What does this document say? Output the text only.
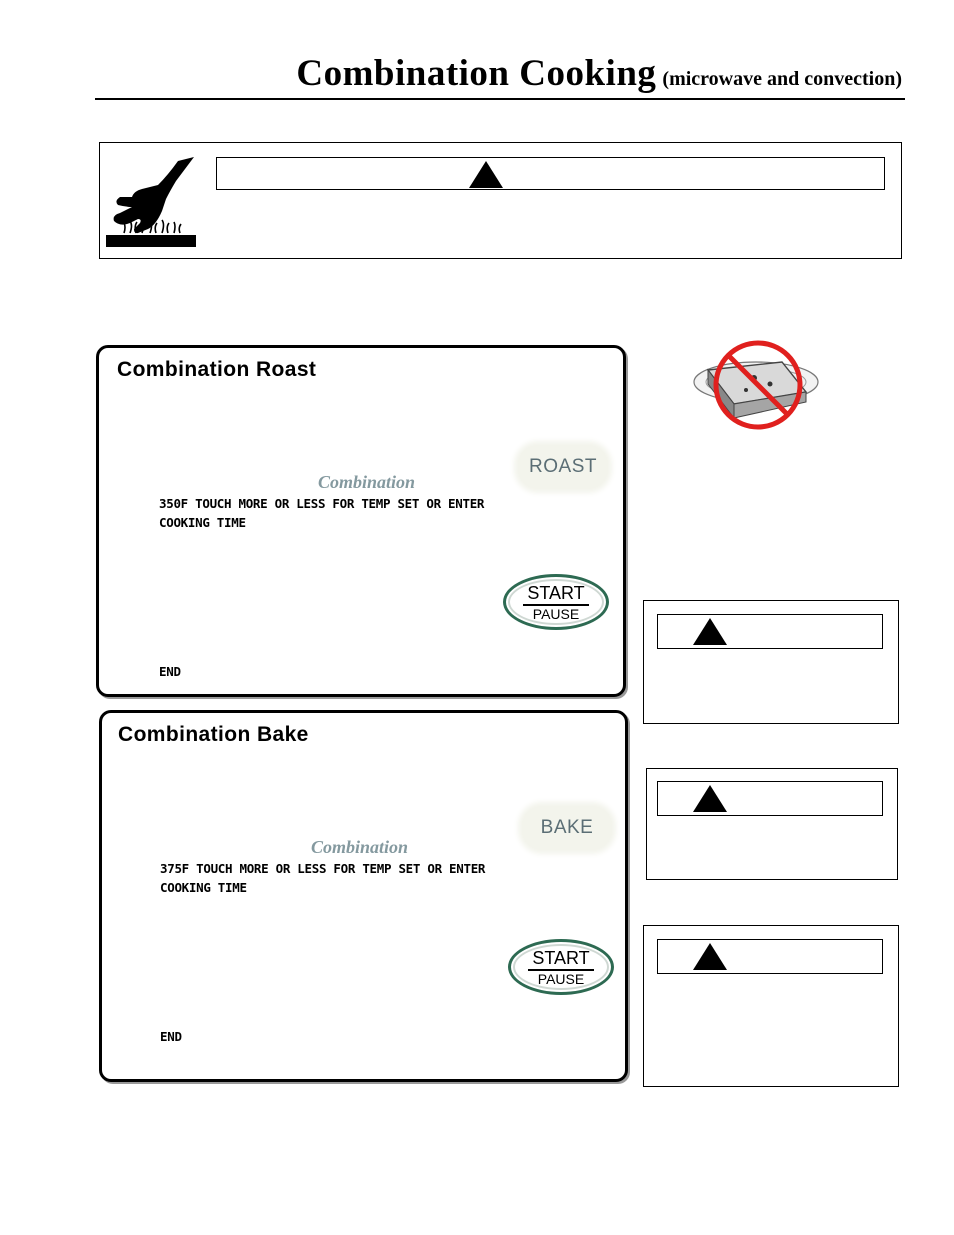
Combination Cooking (microwave and convection)
Combination Roast
ROAST
Combination
350F TOUCH MORE OR LESS FOR TEMP SET OR ENTER
COOKING TIME
START
PAUSE
END
Combination Bake
BAKE
Combination
375F TOUCH MORE OR LESS FOR TEMP SET OR ENTER
COOKING TIME
START
PAUSE
END
